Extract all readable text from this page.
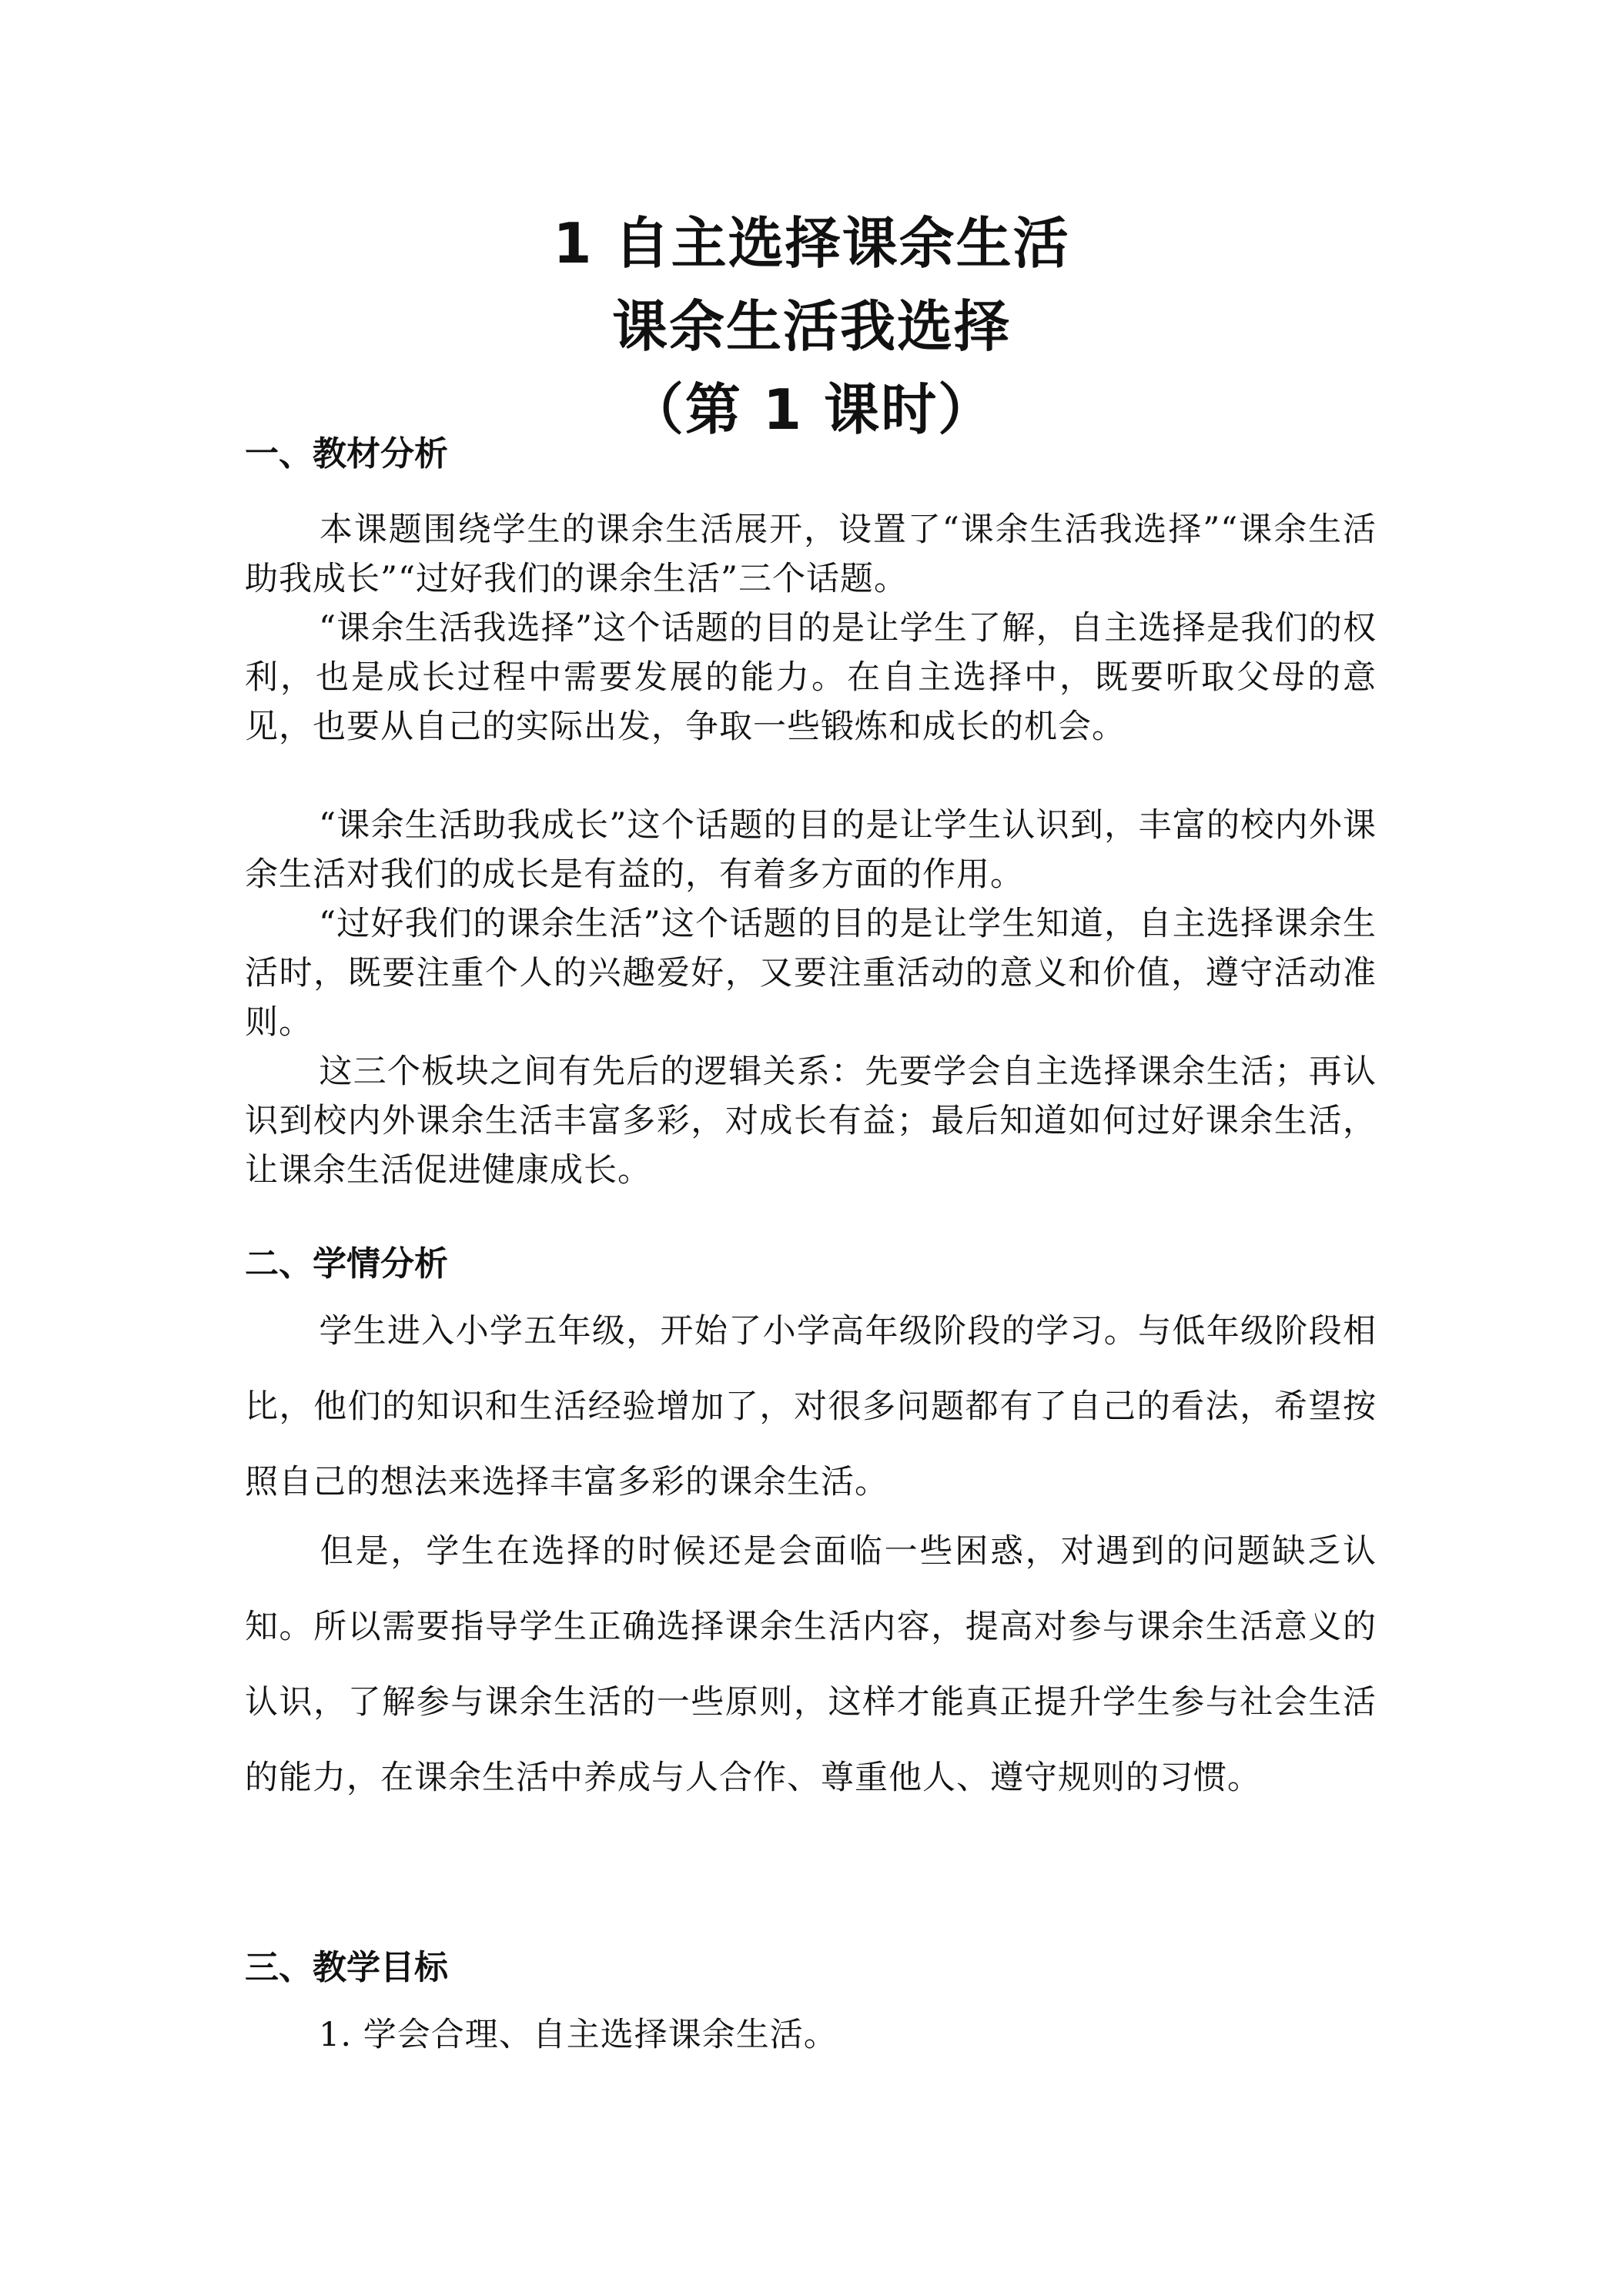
1 自主选择课余生活
课余生活我选择
（第 1 课时）
一、教材分析
本课题围绕学生的课余生活展开，设置了“课余生活我选择”“课余生活助我成长”“过好我们的课余生活”三个话题。
“课余生活我选择”这个话题的目的是让学生了解，自主选择是我们的权利，也是成长过程中需要发展的能力。在自主选择中，既要听取父母的意见，也要从自己的实际出发，争取一些锻炼和成长的机会。
“课余生活助我成长”这个话题的目的是让学生认识到，丰富的校内外课余生活对我们的成长是有益的，有着多方面的作用。
“过好我们的课余生活”这个话题的目的是让学生知道，自主选择课余生活时，既要注重个人的兴趣爱好，又要注重活动的意义和价值，遵守活动准则。
这三个板块之间有先后的逻辑关系：先要学会自主选择课余生活；再认识到校内外课余生活丰富多彩，对成长有益；最后知道如何过好课余生活，让课余生活促进健康成长。
二、学情分析
学生进入小学五年级，开始了小学高年级阶段的学习。与低年级阶段相比，他们的知识和生活经验增加了，对很多问题都有了自己的看法，希望按照自己的想法来选择丰富多彩的课余生活。
但是，学生在选择的时候还是会面临一些困惑，对遇到的问题缺乏认知。所以需要指导学生正确选择课余生活内容，提高对参与课余生活意义的认识，了解参与课余生活的一些原则，这样才能真正提升学生参与社会生活的能力，在课余生活中养成与人合作、尊重他人、遵守规则的习惯。
三、教学目标
1. 学会合理、自主选择课余生活。
